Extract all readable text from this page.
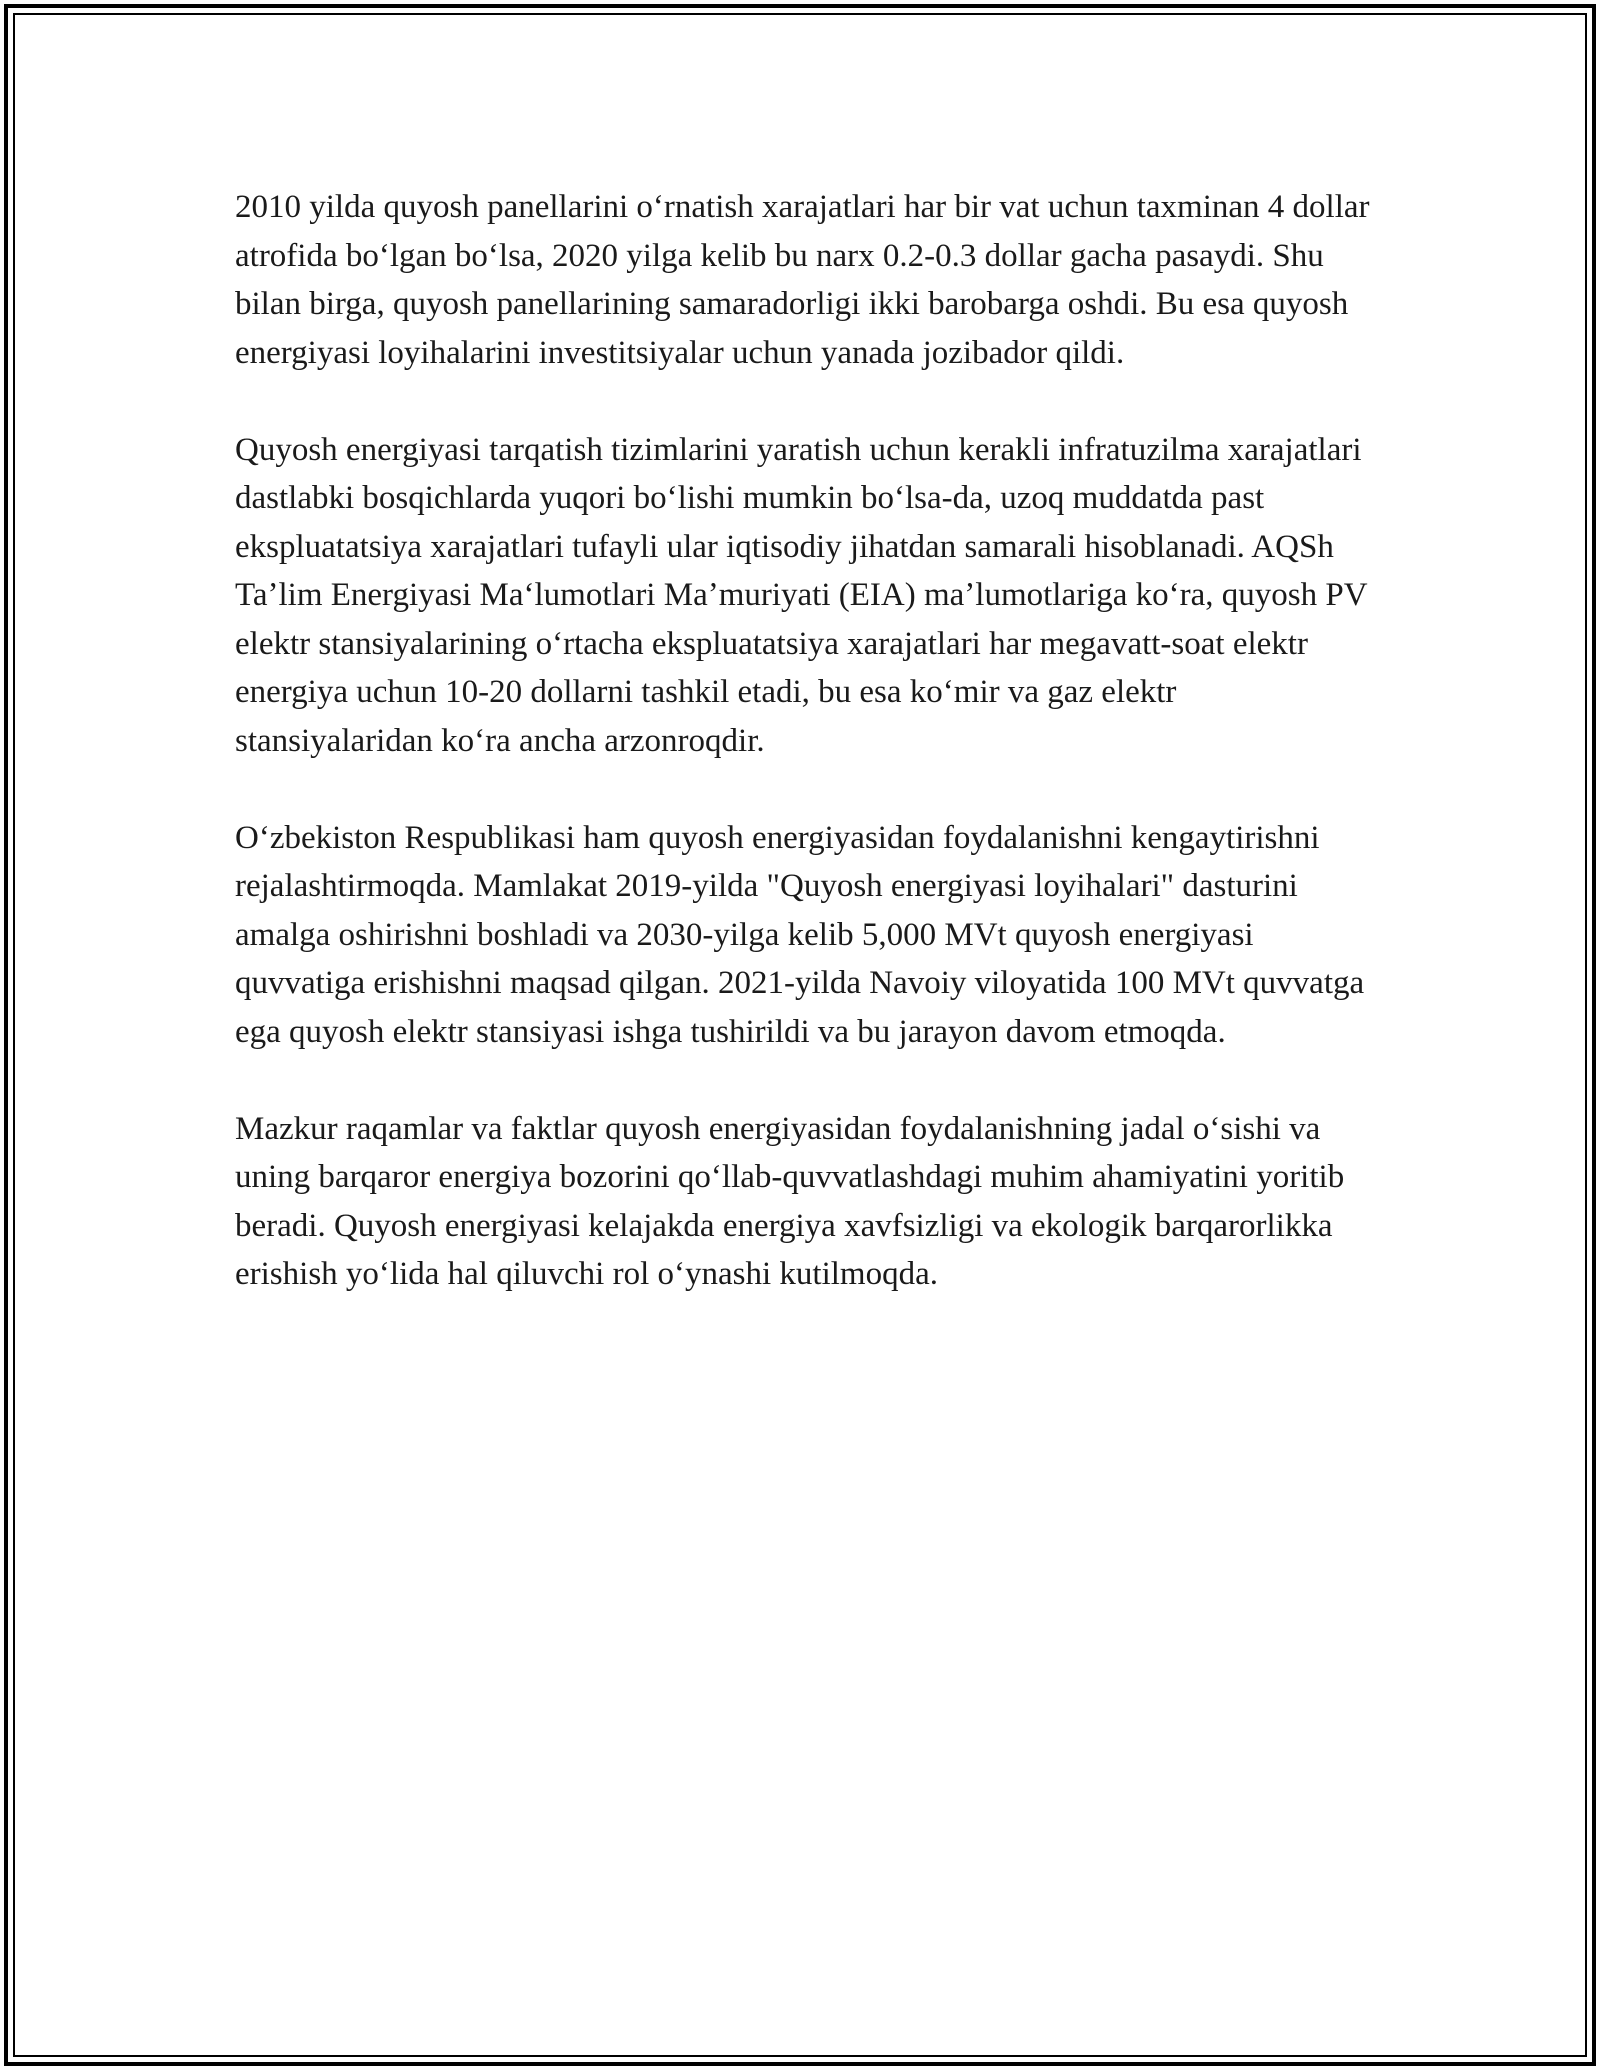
2010 yilda quyosh panellarini oʻrnatish xarajatlari har bir vat uchun taxminan 4 dollar atrofida boʻlgan boʻlsa, 2020 yilga kelib bu narx 0.2-0.3 dollar gacha pasaydi. Shu bilan birga, quyosh panellarining samaradorligi ikki barobarga oshdi. Bu esa quyosh energiyasi loyihalarini investitsiyalar uchun yanada jozibador qildi.

Quyosh energiyasi tarqatish tizimlarini yaratish uchun kerakli infratuzilma xarajatlari dastlabki bosqichlarda yuqori boʻlishi mumkin boʻlsa-da, uzoq muddatda past ekspluatatsiya xarajatlari tufayli ular iqtisodiy jihatdan samarali hisoblanadi. AQSh Taʼlim Energiyasi Maʻlumotlari Maʼmuriyati (EIA) maʼlumotlariga koʻra, quyosh PV elektr stansiyalarining oʻrtacha ekspluatatsiya xarajatlari har megavatt-soat elektr energiya uchun 10-20 dollarni tashkil etadi, bu esa koʻmir va gaz elektr stansiyalaridan koʻra ancha arzonroqdir.

Oʻzbekiston Respublikasi ham quyosh energiyasidan foydalanishni kengaytirishni rejalashtirmoqda. Mamlakat 2019-yilda "Quyosh energiyasi loyihalari" dasturini amalga oshirishni boshladi va 2030-yilga kelib 5,000 MVt quyosh energiyasi quvvatiga erishishni maqsad qilgan. 2021-yilda Navoiy viloyatida 100 MVt quvvatga ega quyosh elektr stansiyasi ishga tushirildi va bu jarayon davom etmoqda.

Mazkur raqamlar va faktlar quyosh energiyasidan foydalanishning jadal oʻsishi va uning barqaror energiya bozorini qoʻllab-quvvatlashdagi muhim ahamiyatini yoritib beradi. Quyosh energiyasi kelajakda energiya xavfsizligi va ekologik barqarorlikka erishish yoʻlida hal qiluvchi rol oʻynashi kutilmoqda.
